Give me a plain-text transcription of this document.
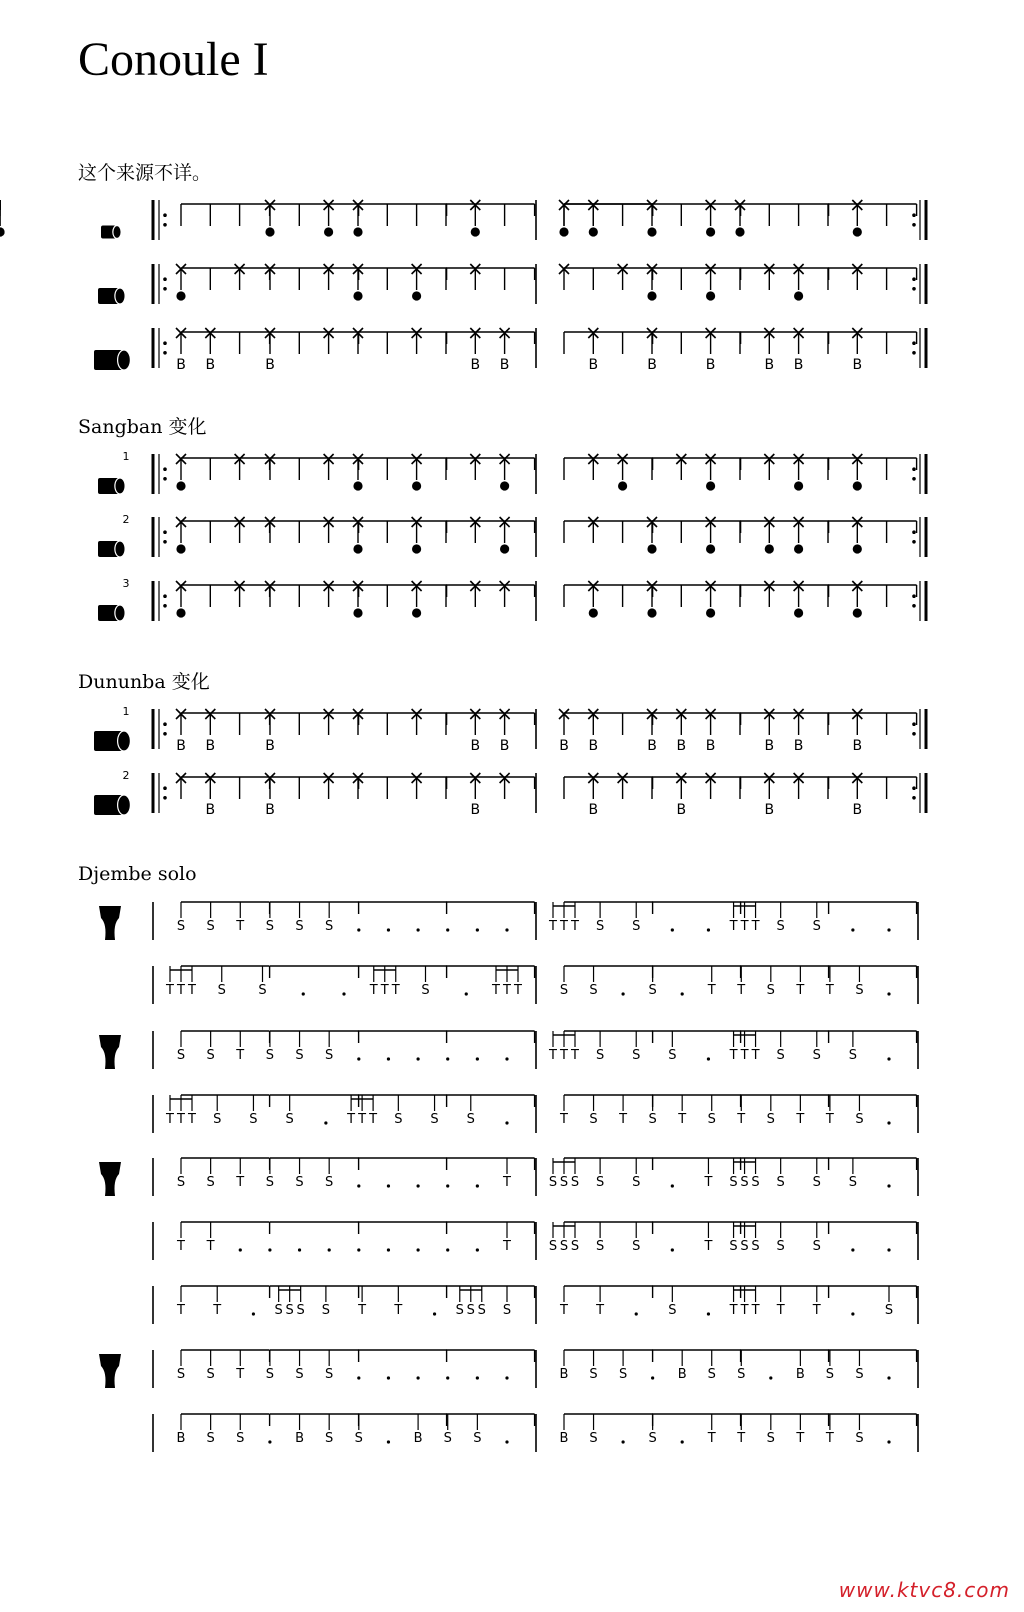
Conoule I
这个来源不详。
Sangban 变化
Dununba 变化
Djembe solo
B B	B	B B	B	B	B	B B	B
1
2
3
1
B B	B	B B	B B	B B B	B B	B
2
B	B	B	B	B	B	B
S S T S S S	T T T S S	T T T S S
T T T S S	T T T S	T T T	S S	S	T T S T T S
S S T S S S	T T T S S S	T T T S S S
T T T S S S	T T T S S S	T S T S T S T S T T S
S S T S S S	T	S S S S S	T S S S S S S
T T	T	S S S S S	T S S S S S
T T	S S S S T T	S S S S	T T	S	T T T T T	S
S S T S S S	B S S	B S S	B S S
B S S	B S S	B S S	B S	S	T T S T T S
www.ktvc8.com
